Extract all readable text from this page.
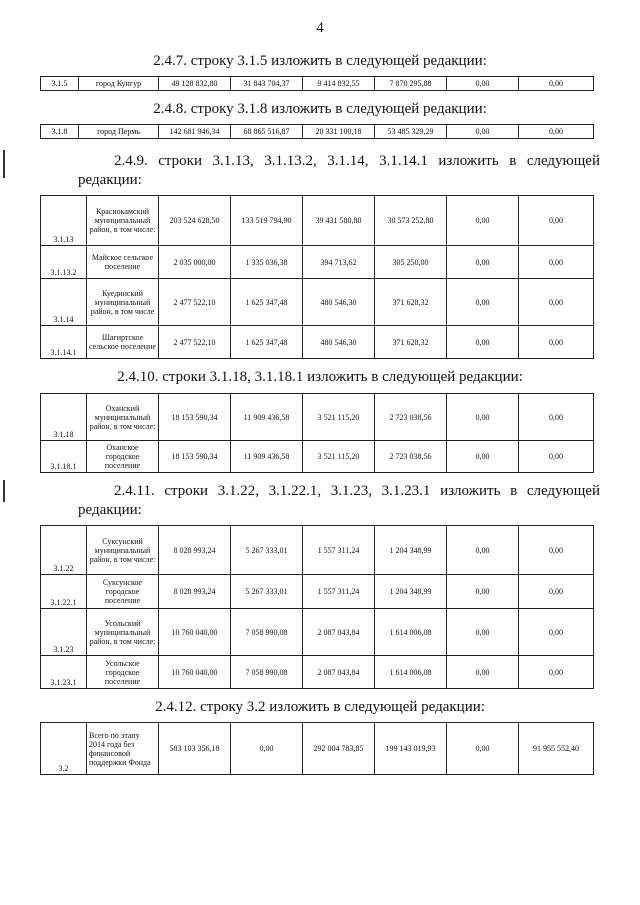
4
2.4.7. строку 3.1.5 изложить в следующей редакции:
3.1.5	город Кунгур	49 128 832,80	31 843 704,37	9 414 832,55	7 870 295,88	0,00	0,00
2.4.8. строку 3.1.8 изложить в следующей редакции:
3.1.8	город Пермь	142 681 946,34	68 865 516,87	20 331 100,18	53 485 329,29	0,00	0,00
2.4.9. строки 3.1.13, 3.1.13.2, 3.1.14, 3.1.14.1 изложить в следующей
редакции:
3.1.13	Краснокамский муниципальный район, в том числе:	203 524 628,50	133 519 794,90	39 431 580,80	30 573 252,80	0,00	0,00
3.1.13.2	Майское сельское поселение	2 035 000,00	1 335 036,38	394 713,62	305 250,00	0,00	0,00
3.1.14	Куединский муниципальный район, в том числе	2 477 522,10	1 625 347,48	480 546,30	371 628,32	0,00	0,00
3.1.14.1	Шагиртское сельское поселение	2 477 522,10	1 625 347,48	480 546,30	371 628,32	0,00	0,00
2.4.10. строки 3.1.18, 3.1.18.1 изложить в следующей редакции:
3.1.18	Оханский муниципальный район, в том числе:	18 153 590,34	11 909 436,58	3 521 115,20	2 723 038,56	0,00	0,00
3.1.18.1	Оханское городское поселение	18 153 590,34	11 909 436,58	3 521 115,20	2 723 038,56	0,00	0,00
2.4.11. строки 3.1.22, 3.1.22.1, 3.1.23, 3.1.23.1 изложить в следующей
редакции:
3.1.22	Суксунский муниципальный район, в том числе:	8 028 993,24	5 267 333,01	1 557 311,24	1 204 348,99	0,00	0,00
3.1.22.1	Суксунское городское поселение	8 028 993,24	5 267 333,01	1 557 311,24	1 204 348,99	0,00	0,00
3.1.23	Усольский муниципальный район, в том числе:	10 760 040,00	7 058 990,08	2 087 043,84	1 614 006,08	0,00	0,00
3.1.23.1	Усольское городское поселение	10 760 040,00	7 058 990,08	2 087 043,84	1 614 006,08	0,00	0,00
2.4.12. строку 3.2 изложить в следующей редакции:
3.2	Всего по этапу 2014 года без финансовой поддержки Фонда	583 103 356,18	0,00	292 004 783,85	199 143 019,93	0,00	91 955 552,40
